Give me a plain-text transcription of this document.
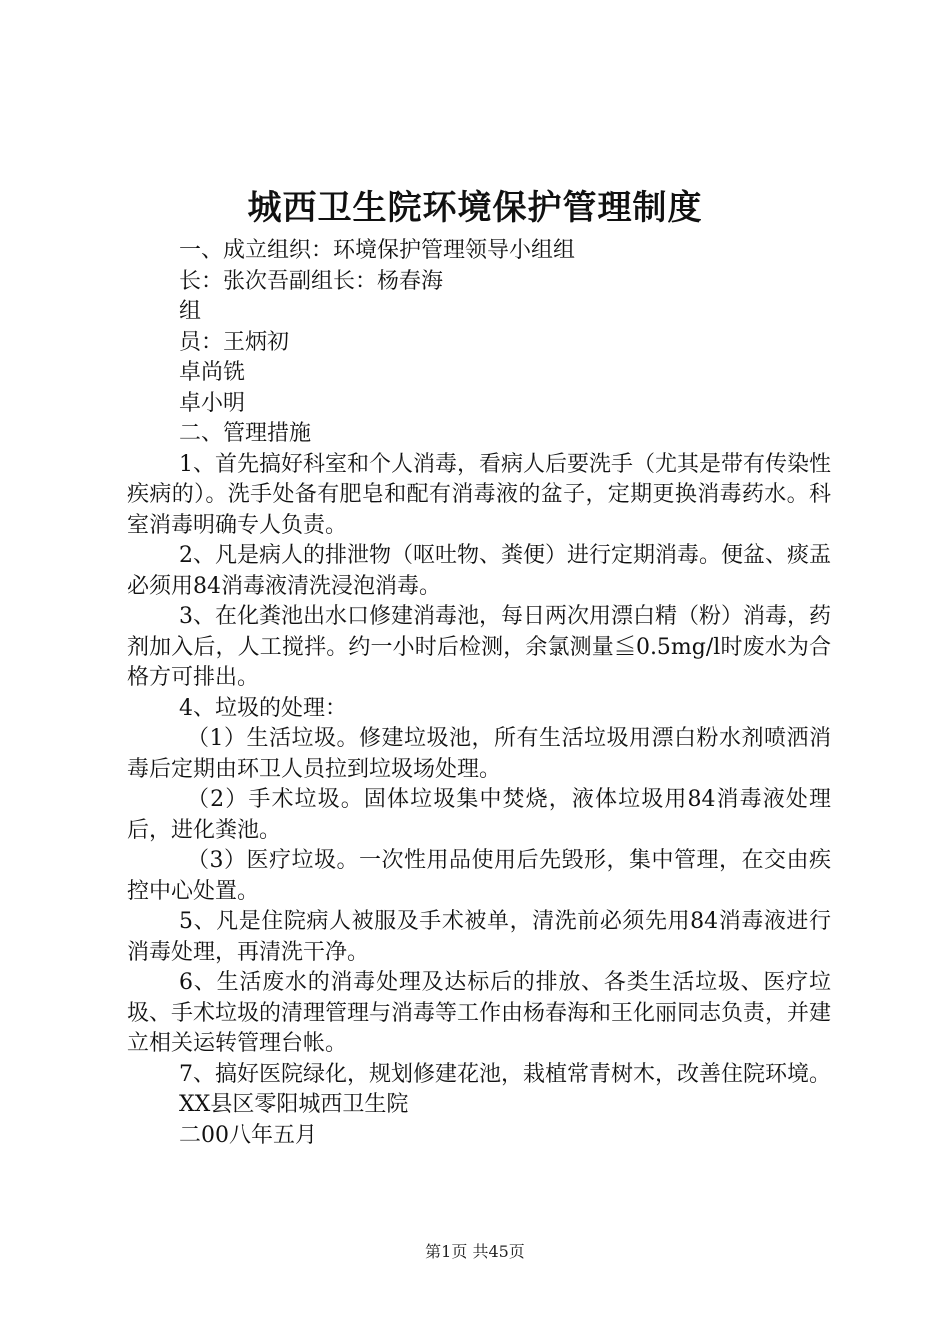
城西卫生院环境保护管理制度

一、成立组织：环境保护管理领导小组组

长：张次吾副组长：杨春海

组

员：王炳初

卓尚铣

卓小明

二、管理措施

1、首先搞好科室和个人消毒，看病人后要洗手（尤其是带有传染性疾病的）。洗手处备有肥皂和配有消毒液的盆子，定期更换消毒药水。科室消毒明确专人负责。

2、凡是病人的排泄物（呕吐物、粪便）进行定期消毒。便盆、痰盂必须用84消毒液清洗浸泡消毒。

3、在化粪池出水口修建消毒池，每日两次用漂白精（粉）消毒，药剂加入后，人工搅拌。约一小时后检测，余氯测量≦0.5mg/l时废水为合格方可排出。

4、垃圾的处理：

（1）生活垃圾。修建垃圾池，所有生活垃圾用漂白粉水剂喷洒消毒后定期由环卫人员拉到垃圾场处理。

（2）手术垃圾。固体垃圾集中焚烧，液体垃圾用84消毒液处理后，进化粪池。

（3）医疗垃圾。一次性用品使用后先毁形，集中管理，在交由疾控中心处置。

5、凡是住院病人被服及手术被单，清洗前必须先用84消毒液进行消毒处理，再清洗干净。

6、生活废水的消毒处理及达标后的排放、各类生活垃圾、医疗垃圾、手术垃圾的清理管理与消毒等工作由杨春海和王化丽同志负责，并建立相关运转管理台帐。

7、搞好医院绿化，规划修建花池，栽植常青树木，改善住院环境。

XX县区零阳城西卫生院

二00八年五月

第1页 共45页
